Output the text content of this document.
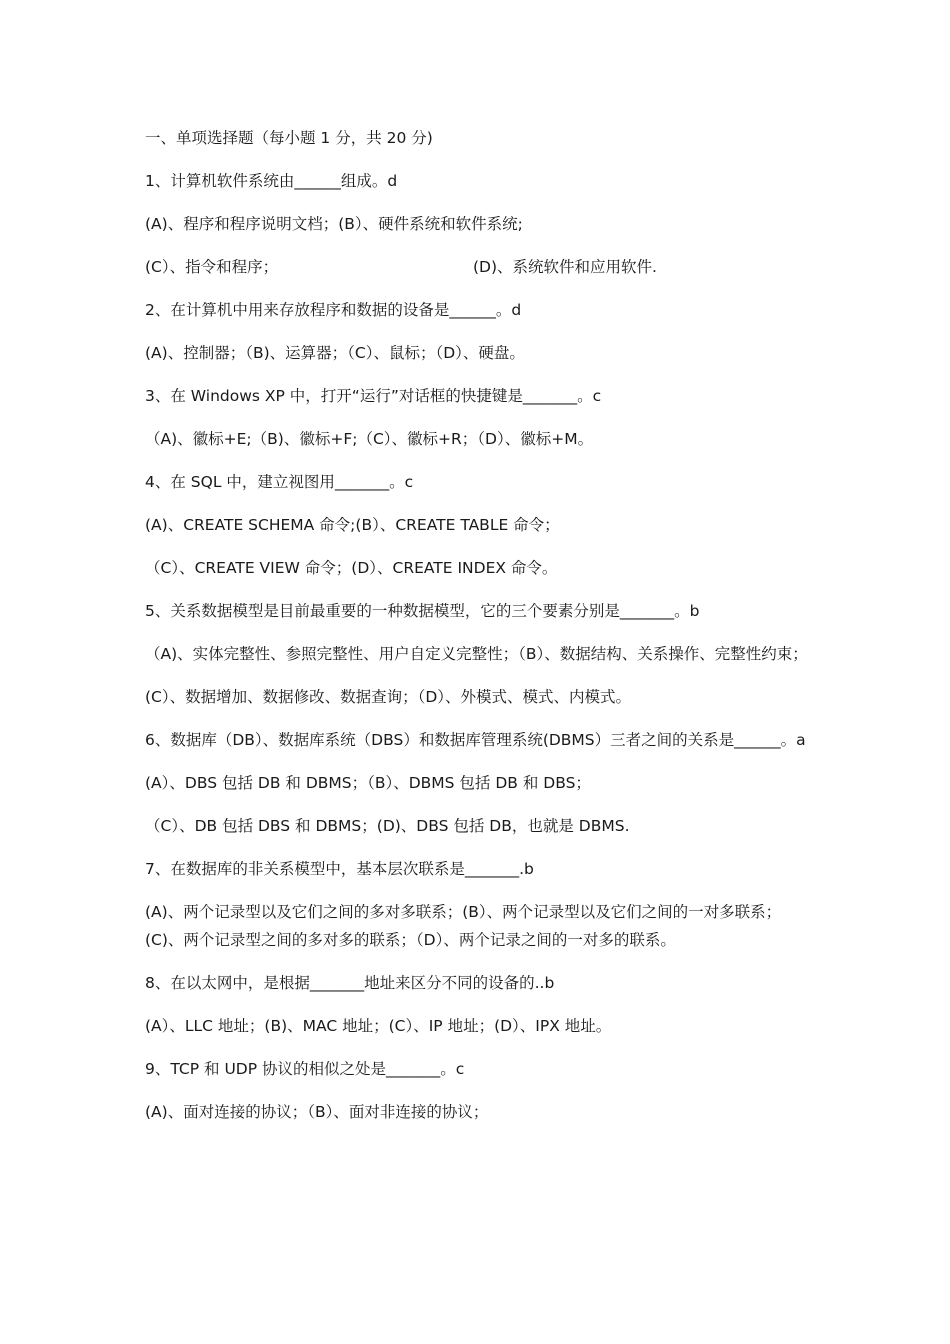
一、单项选择题（每小题 1 分，共 20 分)
1、计算机软件系统由______组成。d
(A)、程序和程序说明文档；(B）、硬件系统和软件系统;
(C）、指令和程序；	(D)、系统软件和应用软件.
2、在计算机中用来存放程序和数据的设备是______。d
(A)、控制器；（B)、运算器；（C）、鼠标；（D）、硬盘。
3、在 Windows XP 中，打开“运行”对话框的快捷键是_______。c
（A)、徽标+E;（B)、徽标+F;（C）、徽标+R；（D）、徽标+M。
4、在 SQL 中，建立视图用_______。c
(A)、CREATE SCHEMA 命令;(B）、CREATE TABLE 命令；
（C）、CREATE VIEW 命令；(D）、CREATE INDEX 命令。
5、关系数据模型是目前最重要的一种数据模型，它的三个要素分别是_______。b
（A)、实体完整性、参照完整性、用户自定义完整性；（B）、数据结构、关系操作、完整性约束；
(C）、数据增加、数据修改、数据查询；（D）、外模式、模式、内模式。
6、数据库（DB）、数据库系统（DBS）和数据库管理系统(DBMS）三者之间的关系是______。a
(A）、DBS 包括 DB 和 DBMS；（B）、DBMS 包括 DB 和 DBS；
（C）、DB 包括 DBS 和 DBMS；(D)、DBS 包括 DB，也就是 DBMS.
7、在数据库的非关系模型中，基本层次联系是_______.b
(A)、两个记录型以及它们之间的多对多联系；(B）、两个记录型以及它们之间的一对多联系；(C)、两个记录型之间的多对多的联系；（D）、两个记录之间的一对多的联系。
8、在以太网中，是根据_______地址来区分不同的设备的..b
(A）、LLC 地址；(B)、MAC 地址；(C）、IP 地址；(D）、IPX 地址。
9、TCP 和 UDP 协议的相似之处是_______。c
(A)、面对连接的协议；（B）、面对非连接的协议；
